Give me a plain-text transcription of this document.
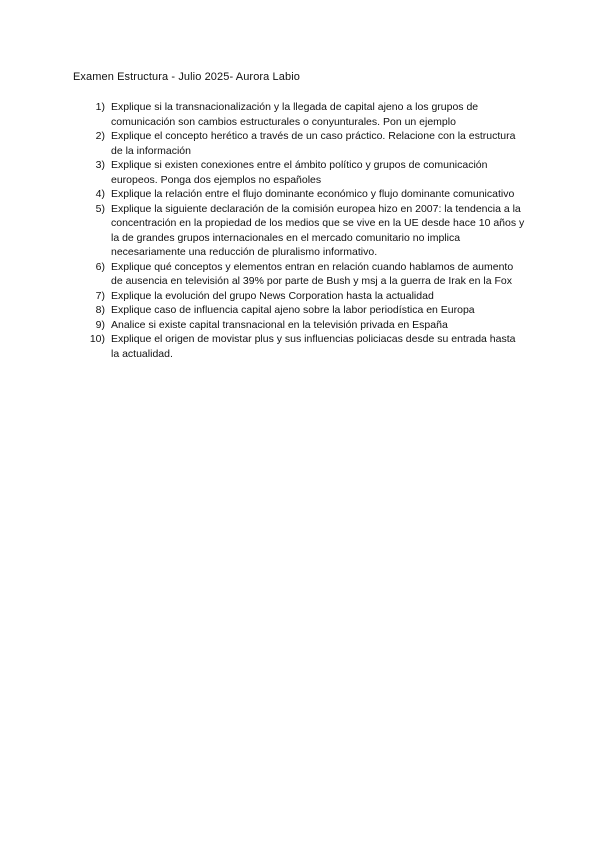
Examen Estructura - Julio 2025- Aurora Labio
1) Explique si la transnacionalización y la llegada de capital ajeno a los grupos de comunicación son cambios estructurales o conyunturales. Pon un ejemplo
2) Explique el concepto herético a través de un caso práctico. Relacione con la estructura de la información
3) Explique si existen conexiones entre el ámbito político y grupos de comunicación europeos. Ponga dos ejemplos no españoles
4) Explique la relación entre el flujo dominante económico y flujo dominante comunicativo
5) Explique la siguiente declaración de la comisión europea hizo en 2007: la tendencia a la concentración en la propiedad de los medios que se vive en la UE desde hace 10 años y la de grandes grupos internacionales en el mercado comunitario no implica necesariamente una reducción de pluralismo informativo.
6) Explique qué conceptos y elementos entran en relación cuando hablamos de aumento de ausencia en televisión al 39% por parte de Bush y msj a la guerra de Irak en la Fox
7) Explique la evolución del grupo News Corporation hasta la actualidad
8) Explique caso de influencia capital ajeno sobre la labor periodística en Europa
9) Analice si existe capital transnacional en la televisión privada en España
10) Explique el origen de movistar plus y sus influencias policiacas desde su entrada hasta la actualidad.
